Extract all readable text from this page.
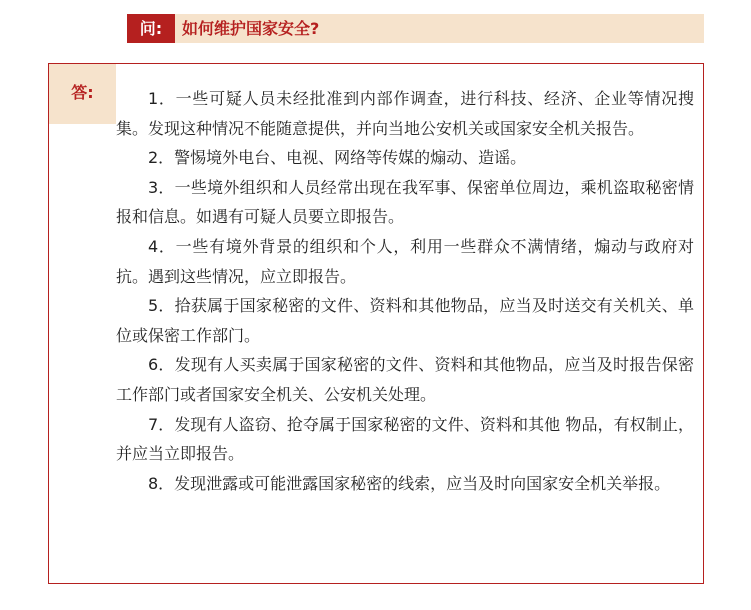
问:	如何维护国家安全?
答:	1．一些可疑人员未经批准到内部作调查，进行科技、经济、企业等情况搜集。发现这种情况不能随意提供，并向当地公安机关或国家安全机关报告。

2．警惕境外电台、电视、网络等传媒的煽动、造谣。

3．一些境外组织和人员经常出现在我军事、保密单位周边，乘机盗取秘密情报和信息。如遇有可疑人员要立即报告。

4．一些有境外背景的组织和个人，利用一些群众不满情绪，煽动与政府对抗。遇到这些情况，应立即报告。

5．拾获属于国家秘密的文件、资料和其他物品，应当及时送交有关机关、单位或保密工作部门。

6．发现有人买卖属于国家秘密的文件、资料和其他物品，应当及时报告保密工作部门或者国家安全机关、公安机关处理。

7．发现有人盗窃、抢夺属于国家秘密的文件、资料和其他 物品，有权制止，并应当立即报告。

8．发现泄露或可能泄露国家秘密的线索，应当及时向国家安全机关举报。
